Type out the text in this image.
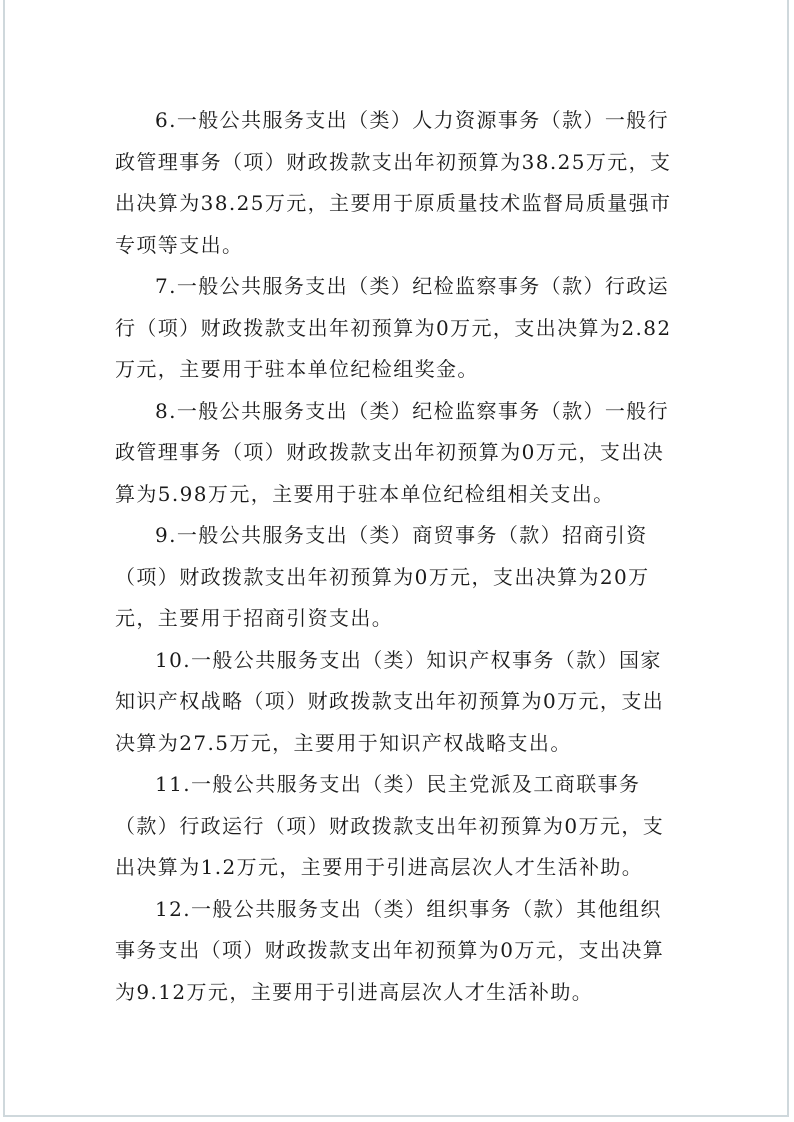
6.一般公共服务支出（类）人力资源事务（款）一般行政管理事务（项）财政拨款支出年初预算为38.25万元，支出决算为38.25万元，主要用于原质量技术监督局质量强市专项等支出。

7.一般公共服务支出（类）纪检监察事务（款）行政运行（项）财政拨款支出年初预算为0万元，支出决算为2.82万元，主要用于驻本单位纪检组奖金。

8.一般公共服务支出（类）纪检监察事务（款）一般行政管理事务（项）财政拨款支出年初预算为0万元，支出决算为5.98万元，主要用于驻本单位纪检组相关支出。

9.一般公共服务支出（类）商贸事务（款）招商引资（项）财政拨款支出年初预算为0万元，支出决算为20万元，主要用于招商引资支出。

10.一般公共服务支出（类）知识产权事务（款）国家知识产权战略（项）财政拨款支出年初预算为0万元，支出决算为27.5万元，主要用于知识产权战略支出。

11.一般公共服务支出（类）民主党派及工商联事务（款）行政运行（项）财政拨款支出年初预算为0万元，支出决算为1.2万元，主要用于引进高层次人才生活补助。

12.一般公共服务支出（类）组织事务（款）其他组织事务支出（项）财政拨款支出年初预算为0万元，支出决算为9.12万元，主要用于引进高层次人才生活补助。
